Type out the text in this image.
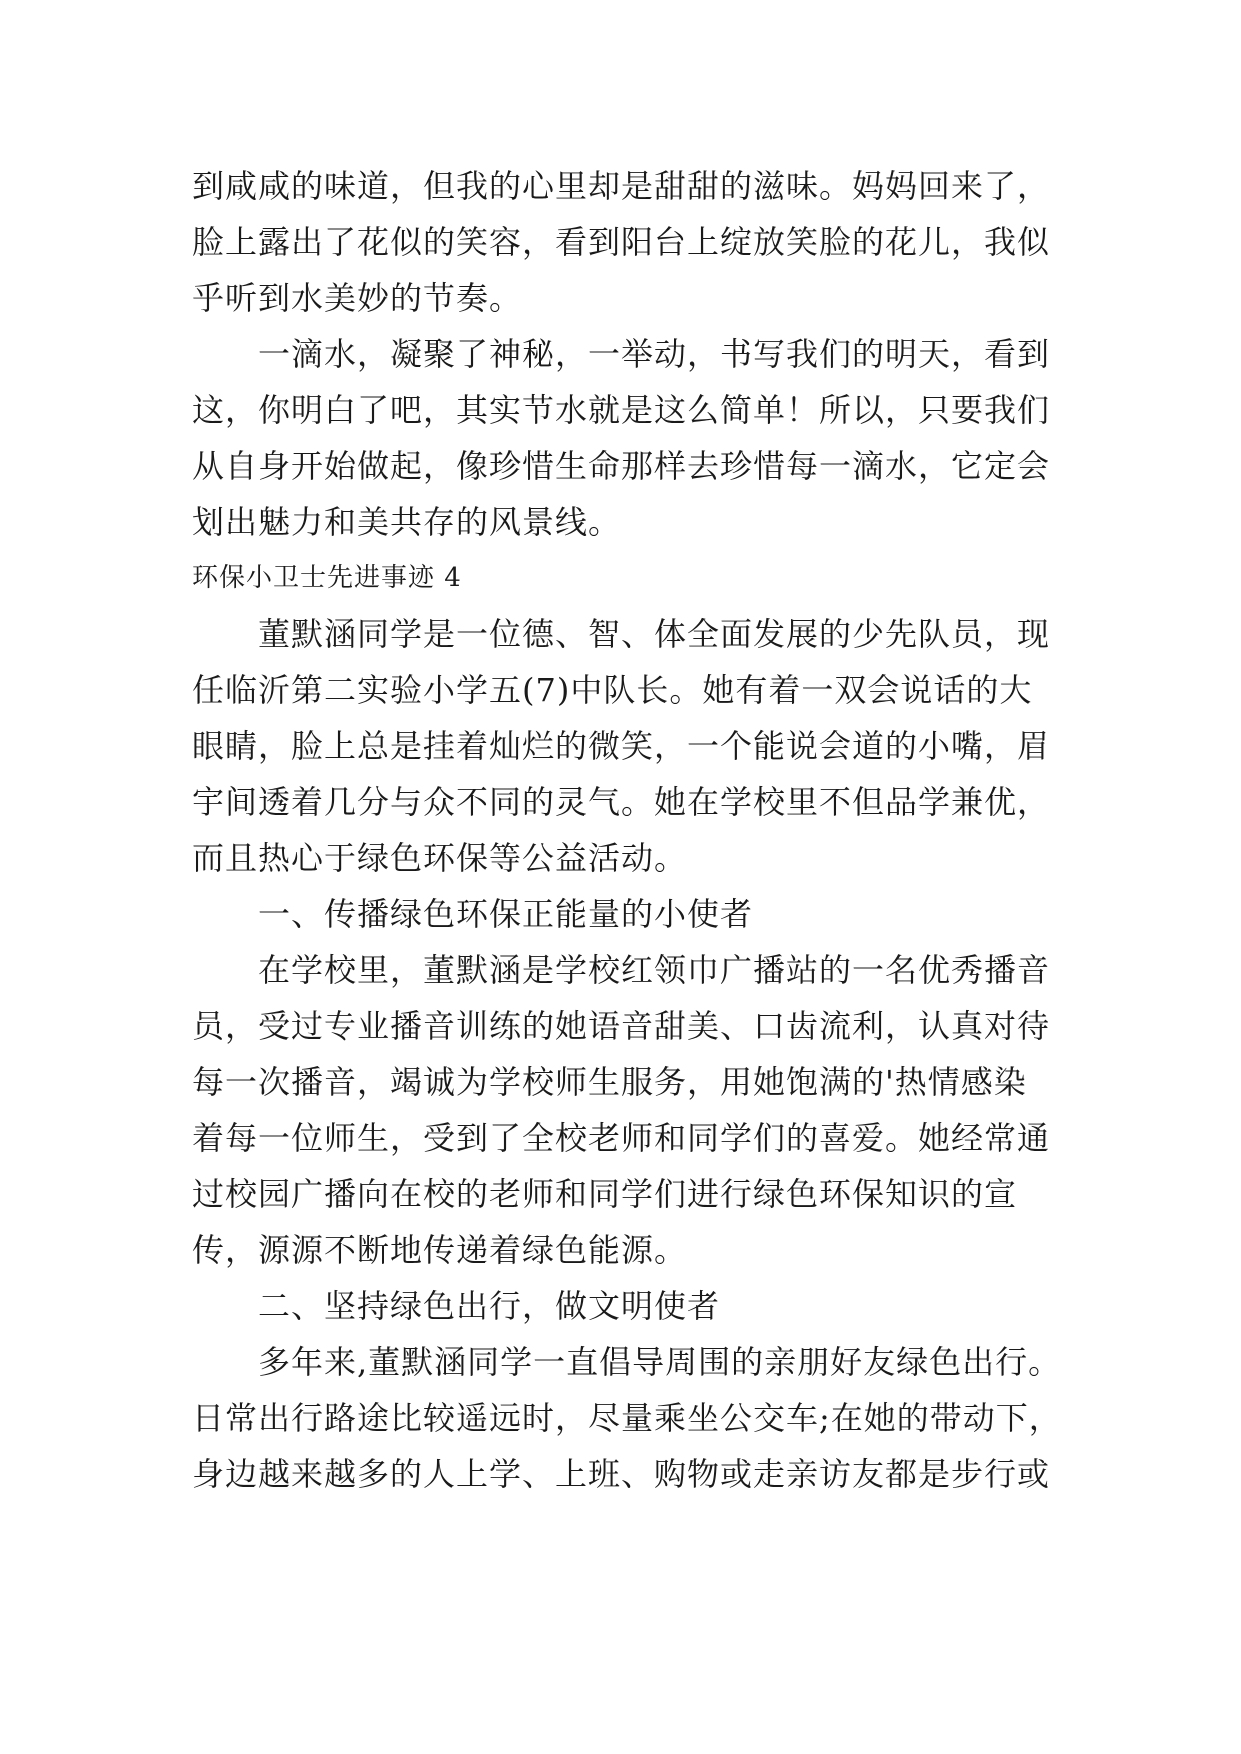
到咸咸的味道，但我的心里却是甜甜的滋味。妈妈回来了，
脸上露出了花似的笑容，看到阳台上绽放笑脸的花儿，我似
乎听到水美妙的节奏。
　　一滴水，凝聚了神秘，一举动，书写我们的明天，看到
这，你明白了吧，其实节水就是这么简单！所以，只要我们
从自身开始做起，像珍惜生命那样去珍惜每一滴水，它定会
划出魅力和美共存的风景线。
环保小卫士先进事迹 4
　　董默涵同学是一位德、智、体全面发展的少先队员，现
任临沂第二实验小学五(7)中队长。她有着一双会说话的大
眼睛，脸上总是挂着灿烂的微笑，一个能说会道的小嘴，眉
宇间透着几分与众不同的灵气。她在学校里不但品学兼优，
而且热心于绿色环保等公益活动。
　　一、传播绿色环保正能量的小使者
　　在学校里，董默涵是学校红领巾广播站的一名优秀播音
员，受过专业播音训练的她语音甜美、口齿流利，认真对待
每一次播音，竭诚为学校师生服务，用她饱满的'热情感染
着每一位师生，受到了全校老师和同学们的喜爱。她经常通
过校园广播向在校的老师和同学们进行绿色环保知识的宣
传，源源不断地传递着绿色能源。
　　二、坚持绿色出行，做文明使者
　　多年来,董默涵同学一直倡导周围的亲朋好友绿色出行。
日常出行路途比较遥远时，尽量乘坐公交车;在她的带动下，
身边越来越多的人上学、上班、购物或走亲访友都是步行或
